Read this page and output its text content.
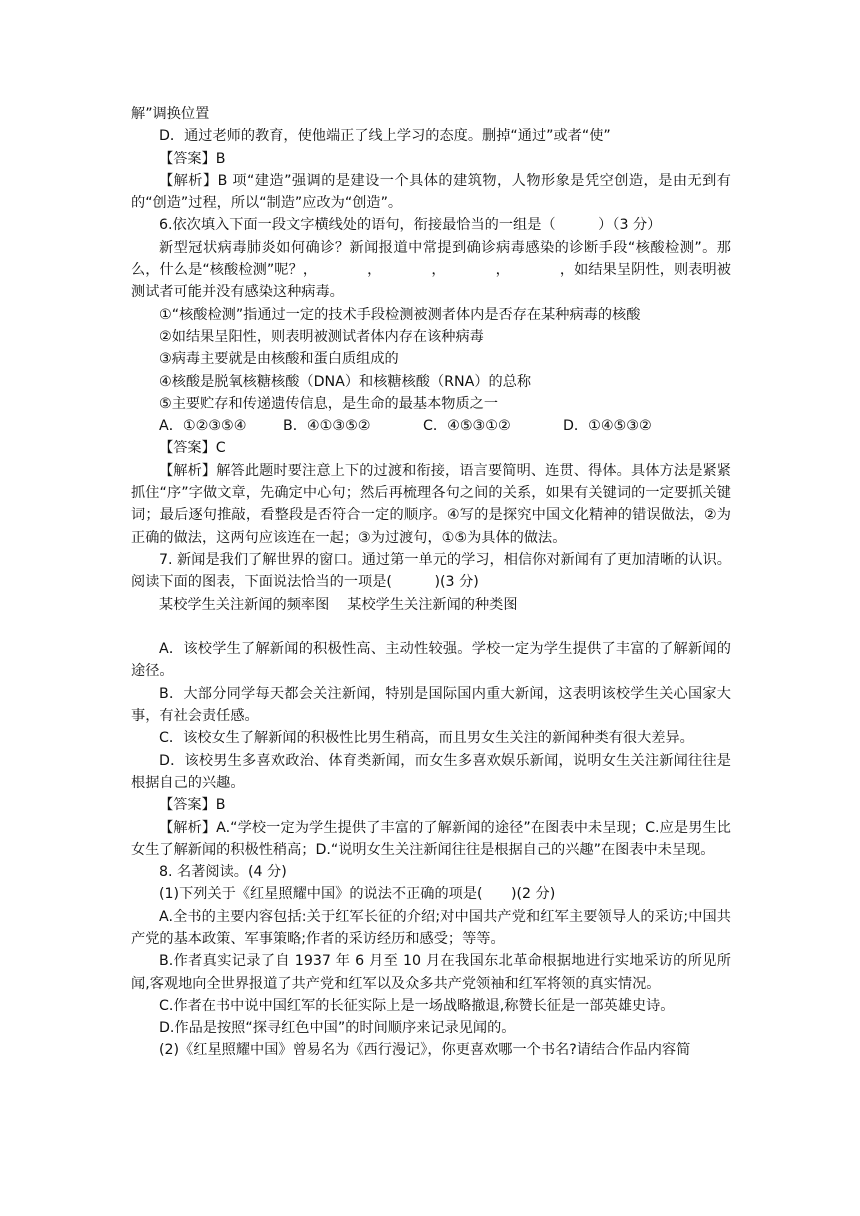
解”调换位置

D．通过老师的教育，使他端正了线上学习的态度。删掉“通过”或者“使”

【答案】B

【解析】B 项“建造”强调的是建设一个具体的建筑物，人物形象是凭空创造，是由无到有的“创造”过程，所以“制造”应改为“创造”。

6.依次填入下面一段文字横线处的语句，衔接最恰当的一组是（　　　）（3 分）

新型冠状病毒肺炎如何确诊？新闻报道中常提到确诊病毒感染的诊断手段“核酸检测”。那么，什么是“核酸检测”呢？，　　　　，　　　　，　　　　，　　　　，如结果呈阴性，则表明被测试者可能并没有感染这种病毒。

①“核酸检测”指通过一定的技术手段检测被测者体内是否存在某种病毒的核酸

②如结果呈阳性，则表明被测试者体内存在该种病毒

③病毒主要就是由核酸和蛋白质组成的

④核酸是脱氧核糖核酸（DNA）和核糖核酸（RNA）的总称

⑤主要贮存和传递遗传信息，是生命的最基本物质之一

A．①②③⑤④	B．④①③⑤②	C．④⑤③①②	D．①④⑤③②

【答案】C

【解析】解答此题时要注意上下的过渡和衔接，语言要简明、连贯、得体。具体方法是紧紧抓住“序”字做文章，先确定中心句；然后再梳理各句之间的关系，如果有关键词的一定要抓关键词；最后逐句推敲，看整段是否符合一定的顺序。④写的是探究中国文化精神的错误做法，②为正确的做法，这两句应该连在一起；③为过渡句，①⑤为具体的做法。

7. 新闻是我们了解世界的窗口。通过第一单元的学习，相信你对新闻有了更加清晰的认识。阅读下面的图表，下面说法恰当的一项是(　　　)(3 分)

某校学生关注新闻的频率图 某校学生关注新闻的种类图

A．该校学生了解新闻的积极性高、主动性较强。学校一定为学生提供了丰富的了解新闻的途径。

B．大部分同学每天都会关注新闻，特别是国际国内重大新闻，这表明该校学生关心国家大事，有社会责任感。

C．该校女生了解新闻的积极性比男生稍高，而且男女生关注的新闻种类有很大差异。

D．该校男生多喜欢政治、体育类新闻，而女生多喜欢娱乐新闻，说明女生关注新闻往往是根据自己的兴趣。

【答案】B

【解析】A.“学校一定为学生提供了丰富的了解新闻的途径”在图表中未呈现；C.应是男生比女生了解新闻的积极性稍高；D.“说明女生关注新闻往往是根据自己的兴趣”在图表中未呈现。

8. 名著阅读。(4 分)

(1)下列关于《红星照耀中国》的说法不正确的项是(　　)(2 分)

A.全书的主要内容包括:关于红军长征的介绍;对中国共产党和红军主要领导人的采访;中国共产党的基本政策、军事策略;作者的采访经历和感受；等等。

B.作者真实记录了自 1937 年 6 月至 10 月在我国东北革命根据地进行实地采访的所见所闻,客观地向全世界报道了共产党和红军以及众多共产党领袖和红军将领的真实情况。

C.作者在书中说中国红军的长征实际上是一场战略撤退,称赞长征是一部英雄史诗。

D.作品是按照“探寻红色中国”的时间顺序来记录见闻的。

(2)《红星照耀中国》曾易名为《西行漫记》，你更喜欢哪一个书名?请结合作品内容简
